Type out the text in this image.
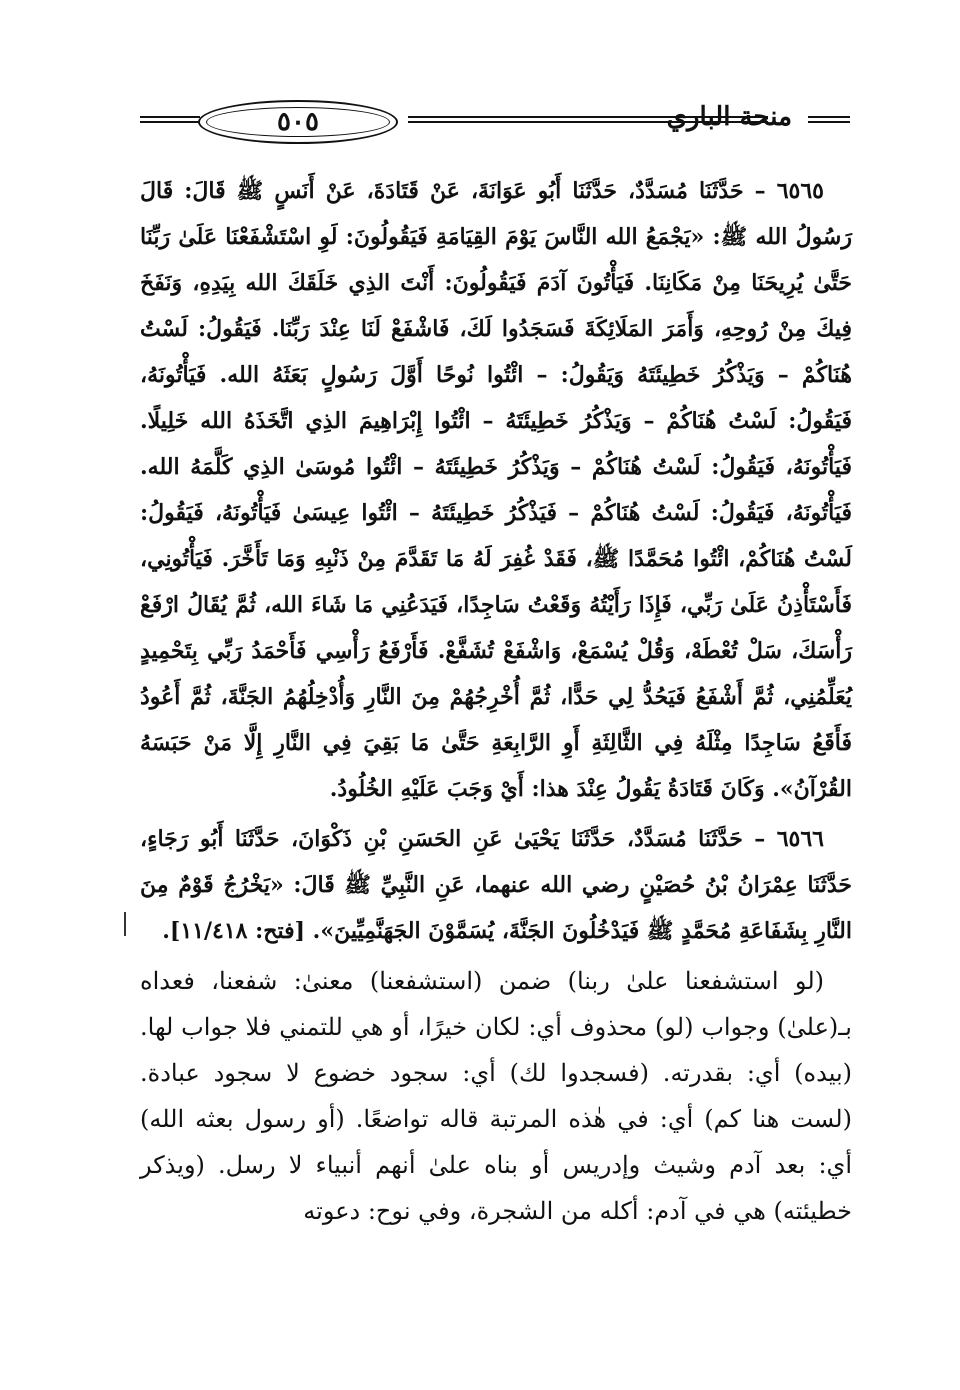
٥٠٥	منحة الباري

٦٥٦٥ – حَدَّثَنَا مُسَدَّدٌ، حَدَّثَنَا أَبُو عَوَانَةَ، عَنْ قَتَادَةَ، عَنْ أَنَسٍ ﷺ قَالَ: قَالَ رَسُولُ الله ﷺ: «يَجْمَعُ الله النَّاسَ يَوْمَ القِيَامَةِ فَيَقُولُونَ: لَوِ اسْتَشْفَعْنَا عَلَىٰ رَبِّنَا حَتَّىٰ يُرِيحَنَا مِنْ مَكَانِنَا. فَيَأْتُونَ آدَمَ فَيَقُولُونَ: أَنْتَ الذِي خَلَقَكَ الله بِيَدِهِ، وَنَفَخَ فِيكَ مِنْ رُوحِهِ، وَأَمَرَ المَلَائِكَةَ فَسَجَدُوا لَكَ، فَاشْفَعْ لَنَا عِنْدَ رَبِّنَا. فَيَقُولُ: لَسْتُ هُنَاكُمْ – وَيَذْكُرُ خَطِيئَتَهُ وَيَقُولُ: – ائْتُوا نُوحًا أَوَّلَ رَسُولٍ بَعَثَهُ الله. فَيَأْتُونَهُ، فَيَقُولُ: لَسْتُ هُنَاكُمْ – وَيَذْكُرُ خَطِيئَتَهُ – ائْتُوا إِبْرَاهِيمَ الذِي اتَّخَذَهُ الله خَلِيلًا. فَيَأْتُونَهُ، فَيَقُولُ: لَسْتُ هُنَاكُمْ – وَيَذْكُرُ خَطِيئَتَهُ – ائْتُوا مُوسَىٰ الذِي كَلَّمَهُ الله. فَيَأْتُونَهُ، فَيَقُولُ: لَسْتُ هُنَاكُمْ – فَيَذْكُرُ خَطِيئَتَهُ – ائْتُوا عِيسَىٰ فَيَأْتُونَهُ، فَيَقُولُ: لَسْتُ هُنَاكُمْ، ائْتُوا مُحَمَّدًا ﷺ، فَقَدْ غُفِرَ لَهُ مَا تَقَدَّمَ مِنْ ذَنْبِهِ وَمَا تَأَخَّرَ. فَيَأْتُونِي، فَأَسْتَأْذِنُ عَلَىٰ رَبِّي، فَإِذَا رَأَيْتُهُ وَقَعْتُ سَاجِدًا، فَيَدَعُنِي مَا شَاءَ الله، ثُمَّ يُقَالُ ارْفَعْ رَأْسَكَ، سَلْ تُعْطَهْ، وَقُلْ يُسْمَعْ، وَاشْفَعْ تُشَفَّعْ. فَأَرْفَعُ رَأْسِي فَأَحْمَدُ رَبِّي بِتَحْمِيدٍ يُعَلِّمُنِي، ثُمَّ أَشْفَعُ فَيَحُدُّ لِي حَدًّا، ثُمَّ أُخْرِجُهُمْ مِنَ النَّارِ وَأُدْخِلُهُمُ الجَنَّةَ، ثُمَّ أَعُودُ فَأَقَعُ سَاجِدًا مِثْلَهُ فِي الثَّالِثَةِ أَوِ الرَّابِعَةِ حَتَّىٰ مَا بَقِيَ فِي النَّارِ إِلَّا مَنْ حَبَسَهُ القُرْآنُ». وَكَانَ قَتَادَةُ يَقُولُ عِنْدَ هذا: أَيْ وَجَبَ عَلَيْهِ الخُلُودُ.

٦٥٦٦ – حَدَّثَنَا مُسَدَّدٌ، حَدَّثَنَا يَحْيَىٰ عَنِ الحَسَنِ بْنِ ذَكْوَانَ، حَدَّثَنَا أَبُو رَجَاءٍ، حَدَّثَنَا عِمْرَانُ بْنُ حُصَيْنٍ رضي الله عنهما، عَنِ النَّبِيِّ ﷺ قَالَ: «يَخْرُجُ قَوْمٌ مِنَ النَّارِ بِشَفَاعَةِ مُحَمَّدٍ ﷺ فَيَدْخُلُونَ الجَنَّةَ، يُسَمَّوْنَ الجَهَنَّمِيِّينَ». [فتح: ١١/٤١٨].

(لو استشفعنا علىٰ ربنا) ضمن (استشفعنا) معنىٰ: شفعنا، فعداه بـ(علىٰ) وجواب (لو) محذوف أي: لكان خيرًا، أو هي للتمني فلا جواب لها. (بيده) أي: بقدرته. (فسجدوا لك) أي: سجود خضوع لا سجود عبادة. (لست هنا كم) أي: في هٰذه المرتبة قاله تواضعًا. (أو رسول بعثه الله) أي: بعد آدم وشيث وإدريس أو بناه علىٰ أنهم أنبياء لا رسل. (ويذكر خطيئته) هي في آدم: أكله من الشجرة، وفي نوح: دعوته
